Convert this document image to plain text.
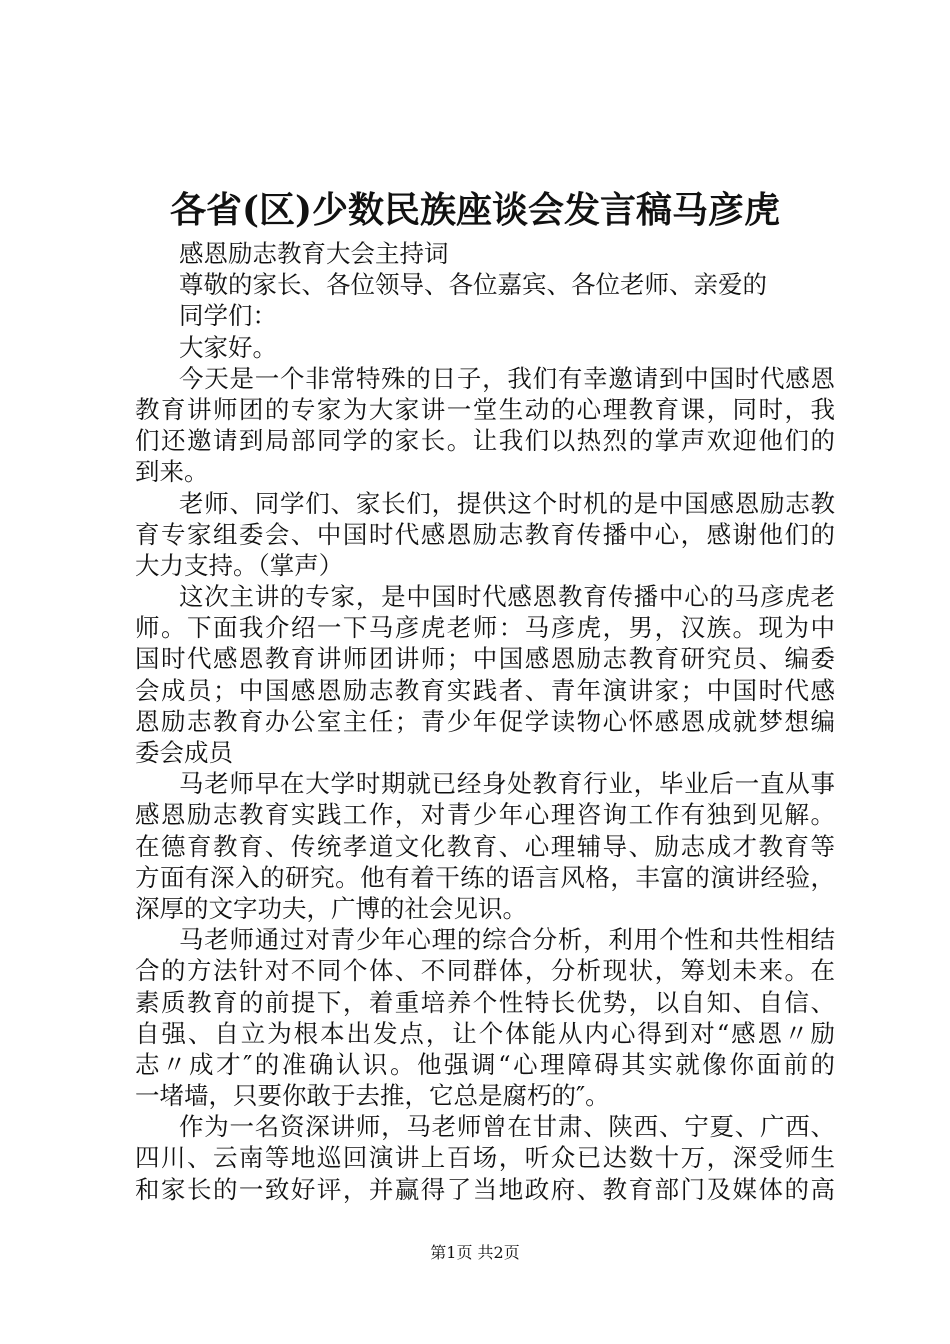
各省(区)少数民族座谈会发言稿马彦虎
感恩励志教育大会主持词
尊敬的家长、各位领导、各位嘉宾、各位老师、亲爱的
同学们：
大家好。
今天是一个非常特殊的日子，我们有幸邀请到中国时代感恩
教育讲师团的专家为大家讲一堂生动的心理教育课，同时，我
们还邀请到局部同学的家长。让我们以热烈的掌声欢迎他们的
到来。
老师、同学们、家长们，提供这个时机的是中国感恩励志教
育专家组委会、中国时代感恩励志教育传播中心，感谢他们的
大力支持。（掌声）
这次主讲的专家，是中国时代感恩教育传播中心的马彦虎老
师。下面我介绍一下马彦虎老师：马彦虎，男，汉族。现为中
国时代感恩教育讲师团讲师；中国感恩励志教育研究员、编委
会成员；中国感恩励志教育实践者、青年演讲家；中国时代感
恩励志教育办公室主任；青少年促学读物心怀感恩成就梦想编
委会成员
马老师早在大学时期就已经身处教育行业，毕业后一直从事
感恩励志教育实践工作，对青少年心理咨询工作有独到见解。
在德育教育、传统孝道文化教育、心理辅导、励志成才教育等
方面有深入的研究。他有着干练的语言风格，丰富的演讲经验，
深厚的文字功夫，广博的社会见识。
马老师通过对青少年心理的综合分析，利用个性和共性相结
合的方法针对不同个体、不同群体，分析现状，筹划未来。在
素质教育的前提下，着重培养个性特长优势，以自知、自信、
自强、自立为根本出发点，让个体能从内心得到对“感恩〃励
志〃成才″的准确认识。他强调“心理障碍其实就像你面前的
一堵墙，只要你敢于去推，它总是腐朽的″。
作为一名资深讲师，马老师曾在甘肃、陕西、宁夏、广西、
四川、云南等地巡回演讲上百场，听众已达数十万，深受师生
和家长的一致好评，并赢得了当地政府、教育部门及媒体的高
第1页 共2页
